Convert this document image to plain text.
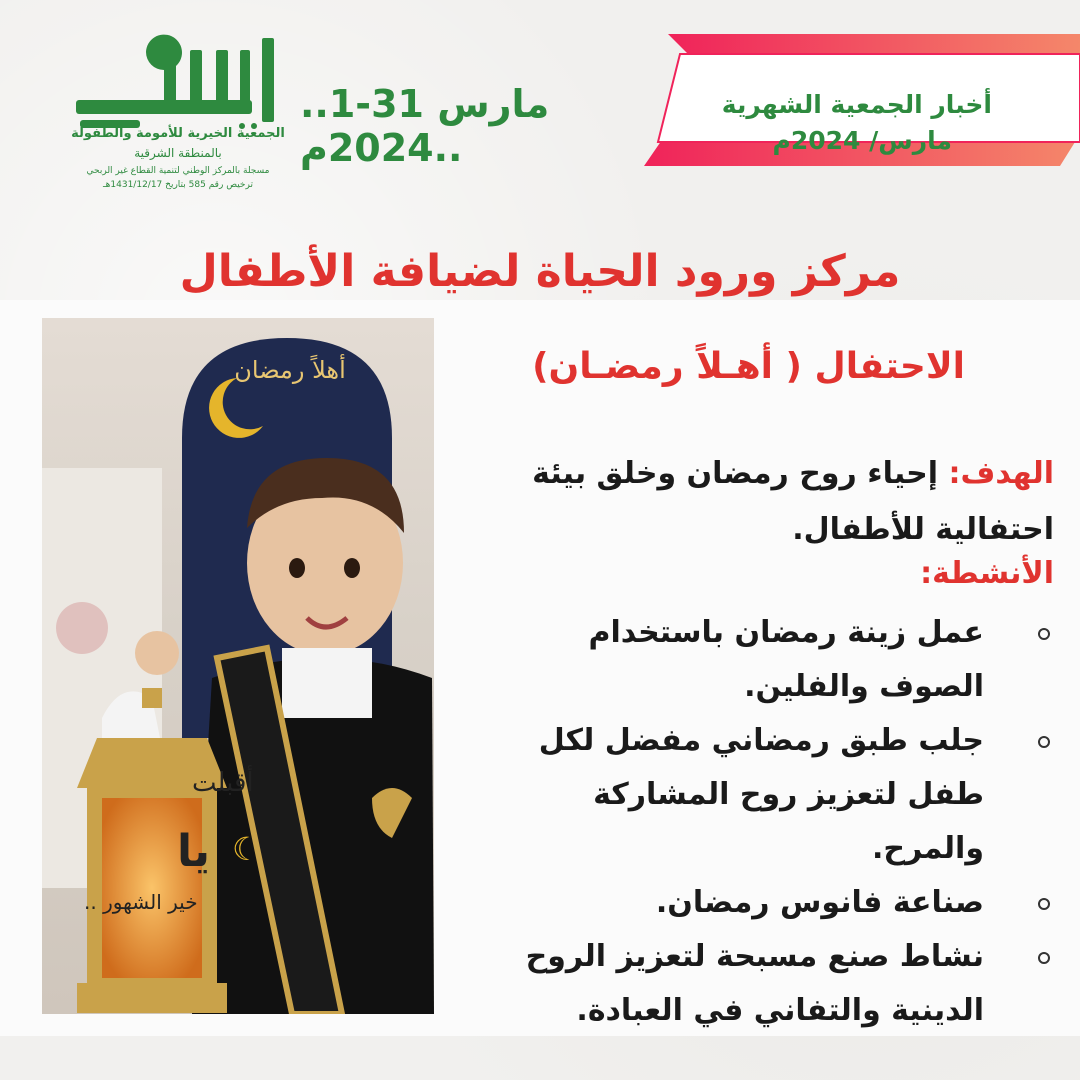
الجمعية الخيرية للأمومة والطفولة
بالمنطقة الشرقية
مسجلة بالمركز الوطني لتنمية القطاع غير الربحي
ترخيص رقم 585 بتاريخ 1431/12/17هـ
..1-31 مارس 2024م..
أخبار الجمعية الشهرية
مارس/ 2024م
مركز ورود الحياة لضيافة الأطفال
أهلاً رمضان
أقبلت
☾
يا
خير الشهور ..
الاحتفال ( أهـلاً رمضـان)
الهدف: إحياء روح رمضان وخلق بيئة احتفالية للأطفال.
الأنشطة:
عمل زينة رمضان باستخدام الصوف والفلين.
جلب طبق رمضاني مفضل لكل طفل لتعزيز روح المشاركة والمرح.
صناعة فانوس رمضان.
نشاط صنع مسبحة لتعزيز الروح الدينية والتفاني في العبادة.
